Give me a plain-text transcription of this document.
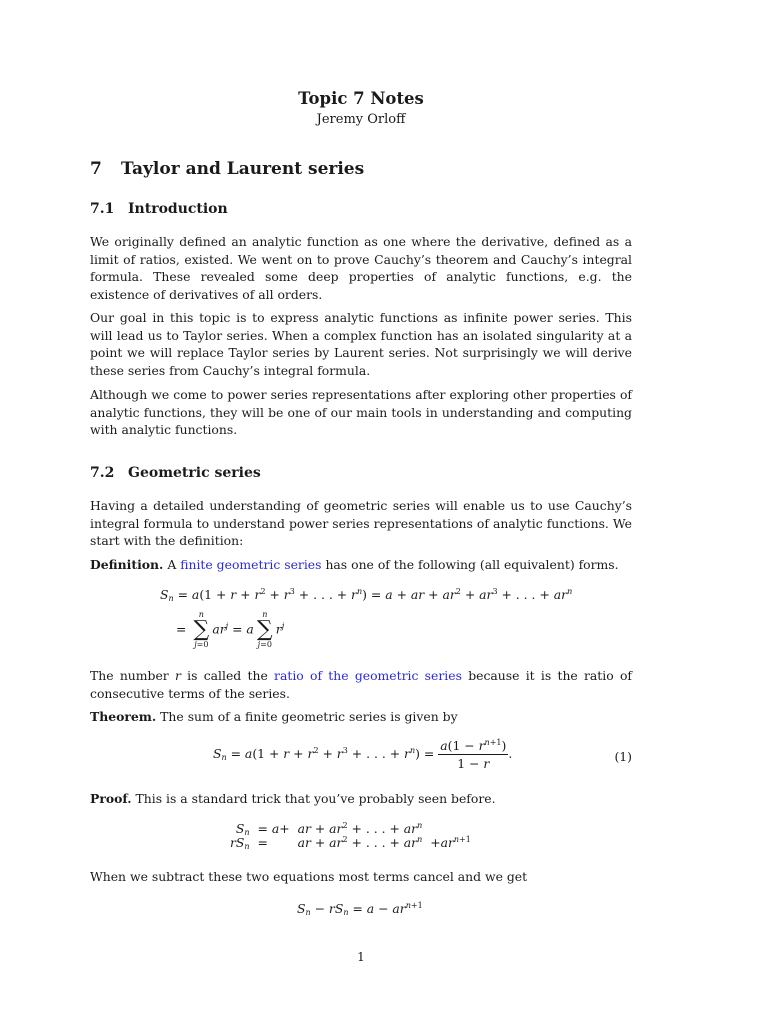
Topic 7 Notes
Jeremy Orloff
7 Taylor and Laurent series
7.1 Introduction
We originally defined an analytic function as one where the derivative, defined as a limit of ratios, existed. We went on to prove Cauchy’s theorem and Cauchy’s integral formula. These revealed some deep properties of analytic functions, e.g. the existence of derivatives of all orders.
Our goal in this topic is to express analytic functions as infinite power series. This will lead us to Taylor series. When a complex function has an isolated singularity at a point we will replace Taylor series by Laurent series. Not surprisingly we will derive these series from Cauchy’s integral formula.
Although we come to power series representations after exploring other properties of analytic functions, they will be one of our main tools in understanding and computing with analytic functions.
7.2 Geometric series
Having a detailed understanding of geometric series will enable us to use Cauchy’s integral formula to understand power series representations of analytic functions. We start with the definition:
Definition. A finite geometric series has one of the following (all equivalent) forms.
$S_n = a(1 + r + r^2 + r^3$ + . . . + $r^n) = a$ + ar + $ar^2 + ar^3$ + . . . + $ar^n$
=
n
∑
j=0
$ar^j = a$
n
∑
j=0
$r^j$
The number r is called the ratio of the geometric series because it is the ratio of consecutive terms of the series.
Theorem. The sum of a finite geometric series is given by
$S_n = a(1 + r + r^2 + r^3$ + . . . + $r^n) = \frac{a(1 - r^{n+1})}{1 - r}$ .	(1)
Proof. This is a standard trick that you’ve probably seen before.
$S_n$	= a+	ar + $ar^2$ + . . . + $ar^n$	
$rS_n$	=	ar + $ar^2$ + . . . + $ar^n$	$+ar^{n+1}$
When we subtract these two equations most terms cancel and we get
$S_n - rS_n = a - ar^{n+1}$
1
